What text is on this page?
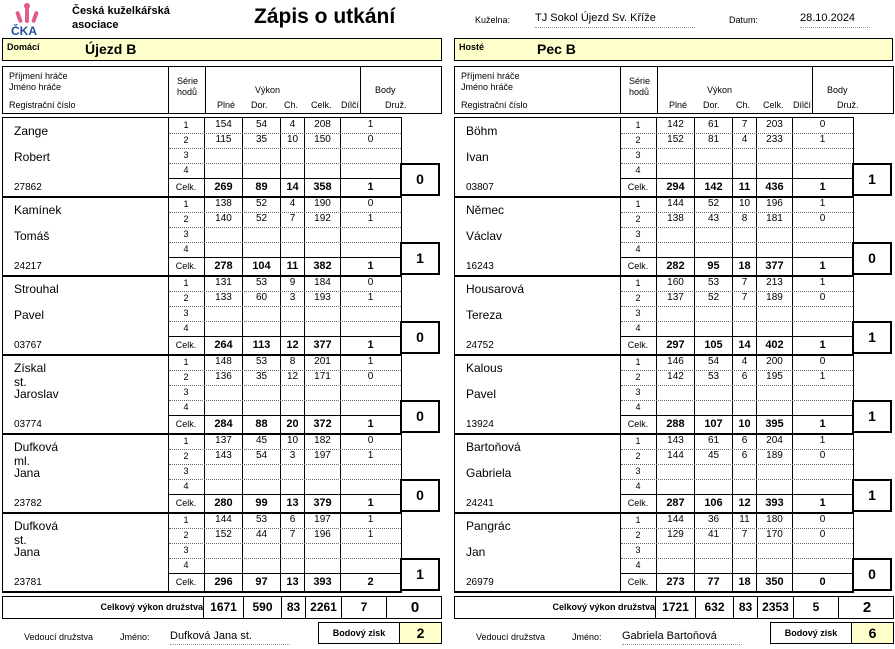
ČKA
Česká kuželkářská asociace	Zápis o utkání	Kuželna: TJ Sokol Újezd Sv. Kříže	Datum:	28.10.2024
Domácí	Újezd B	Hosté	Pec B
Příjmení hráče
Jméno hráče
Registrační číslo
Série hodů
Plné Dor. Ch. Celk. Dílčí	Druž.
Výkon	Body
Zange
Robert
27862
1	154	54	4	208	1
2	115	35	10	150	0
3
4
Celk.	269	89	14	358	1	0
Kamínek
Tomáš
24217
1	138	52	4	190	0
2	140	52	7	192	1
3
4
Celk.	278	104	11	382	1	1
Strouhal
Pavel
03767
1	131	53	9	184	0
2	133	60	3	193	1
3
4
Celk.	264	113	12	377	1	0
Získal st.
Jaroslav
03774
1	148	53	8	201	1
2	136	35	12	171	0
3
4
Celk.	284	88	20	372	1	0
Dufková ml.
Jana
23782
1	137	45	10	182	0
2	143	54	3	197	1
3
4
Celk.	280	99	13	379	1	0
Dufková st.
Jana
23781
1	144	53	6	197	1
2	152	44	7	196	1
3
4
Celk.	296	97	13	393	2	1
Celkový výkon družstva 1671	590	83 2261	7	0
Vedoucí družstva	Jméno: Dufková Jana st.	Bodový zisk	2
Příjmení hráče
Jméno hráče
Registrační číslo
Série hodů
Plné Dor. Ch. Celk. Dílčí	Druž.
Výkon	Body
Böhm
Ivan
03807
1	142	61	7	203	0
2	152	81	4	233	1
3
4
Celk.	294	142	11	436	1	1
Němec
Václav
16243
1	144	52	10	196	1
2	138	43	8	181	0
3
4
Celk.	282	95	18	377	1	0
Housarová
Tereza
24752
1	160	53	7	213	1
2	137	52	7	189	0
3
4
Celk.	297	105	14	402	1	1
Kalous
Pavel
13924
1	146	54	4	200	0
2	142	53	6	195	1
3
4
Celk.	288	107	10	395	1	1
Bartoňová
Gabriela
24241
1	143	61	6	204	1
2	144	45	6	189	0
3
4
Celk.	287	106	12	393	1	1
Pangrác
Jan
26979
1	144	36	11	180	0
2	129	41	7	170	0
3
4
Celk.	273	77	18	350	0	0
Celkový výkon družstva 1721	632	83 2353	5	2
Vedoucí družstva	Jméno: Gabriela Bartoňová	Bodový zisk	6
